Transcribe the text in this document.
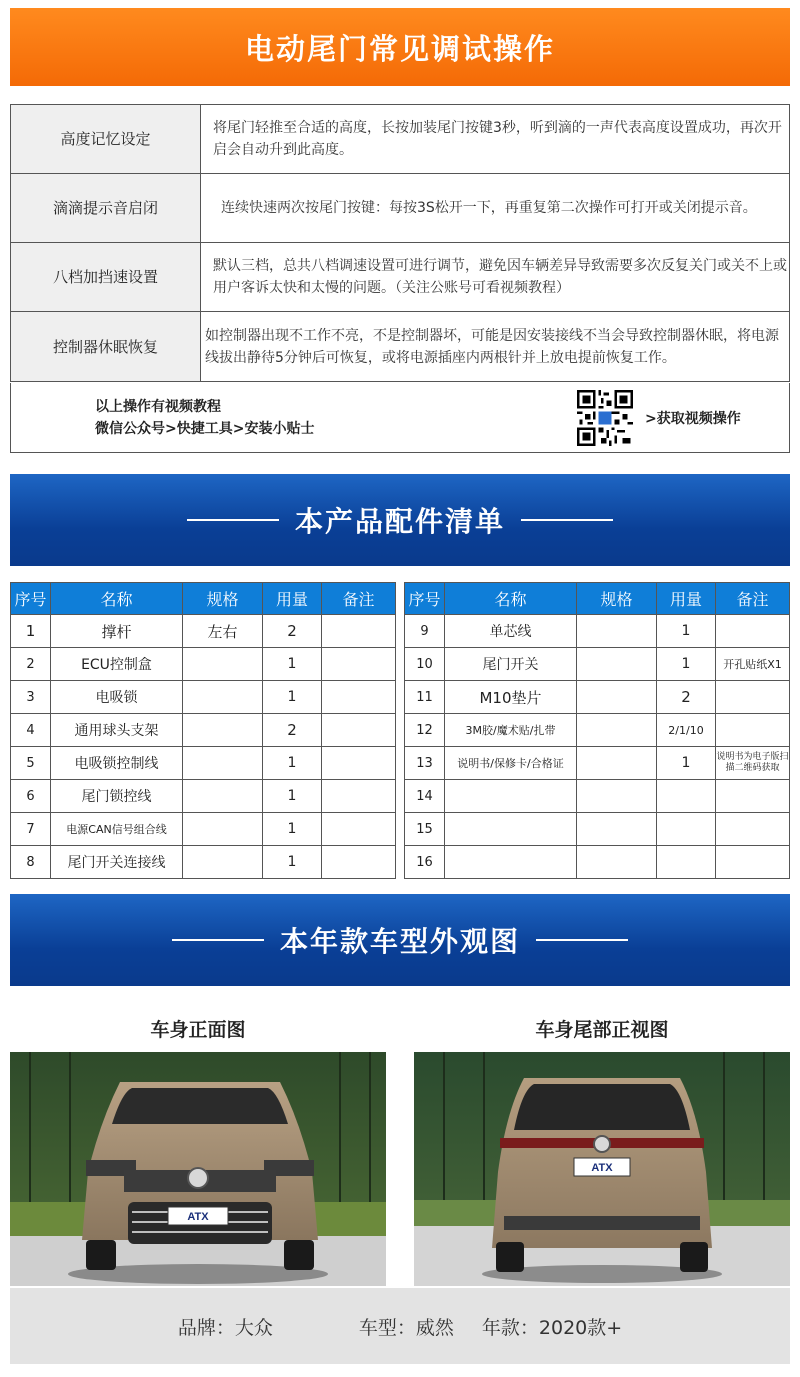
电动尾门常见调试操作
高度记忆设定	将尾门轻推至合适的高度，长按加装尾门按键3秒，听到滴的一声代表高度设置成功，再次开启会自动升到此高度。
滴滴提示音启闭	连续快速两次按尾门按键：每按3S松开一下，再重复第二次操作可打开或关闭提示音。
八档加挡速设置	默认三档，总共八档调速设置可进行调节，避免因车辆差异导致需要多次反复关门或关不上或用户客诉太快和太慢的问题。（关注公账号可看视频教程）
控制器休眠恢复	如控制器出现不工作不亮，不是控制器坏，可能是因安装接线不当会导致控制器休眠，将电源线拔出静待5分钟后可恢复，或将电源插座内两根针并上放电提前恢复工作。
以上操作有视频教程
微信公众号>快捷工具>安装小贴士
>获取视频操作
本产品配件清单
序号	名称	规格	用量	备注
1	撑杆	左右	2	
2	ECU控制盒		1	
3	电吸锁		1	
4	通用球头支架		2	
5	电吸锁控制线		1	
6	尾门锁控线		1	
7	电源CAN信号组合线		1	
8	尾门开关连接线		1	
序号	名称	规格	用量	备注
9	单芯线		1	
10	尾门开关		1	开孔贴纸X1
11	M10垫片		2	
12	3M胶/魔术贴/扎带		2/1/10	
13	说明书/保修卡/合格证		1	说明书为电子版扫描二维码获取
14				
15				
16				
本年款车型外观图
车身正面图	车身尾部正视图
ATX
ATX
品牌：大众	车型：威然 年款：2020款+
